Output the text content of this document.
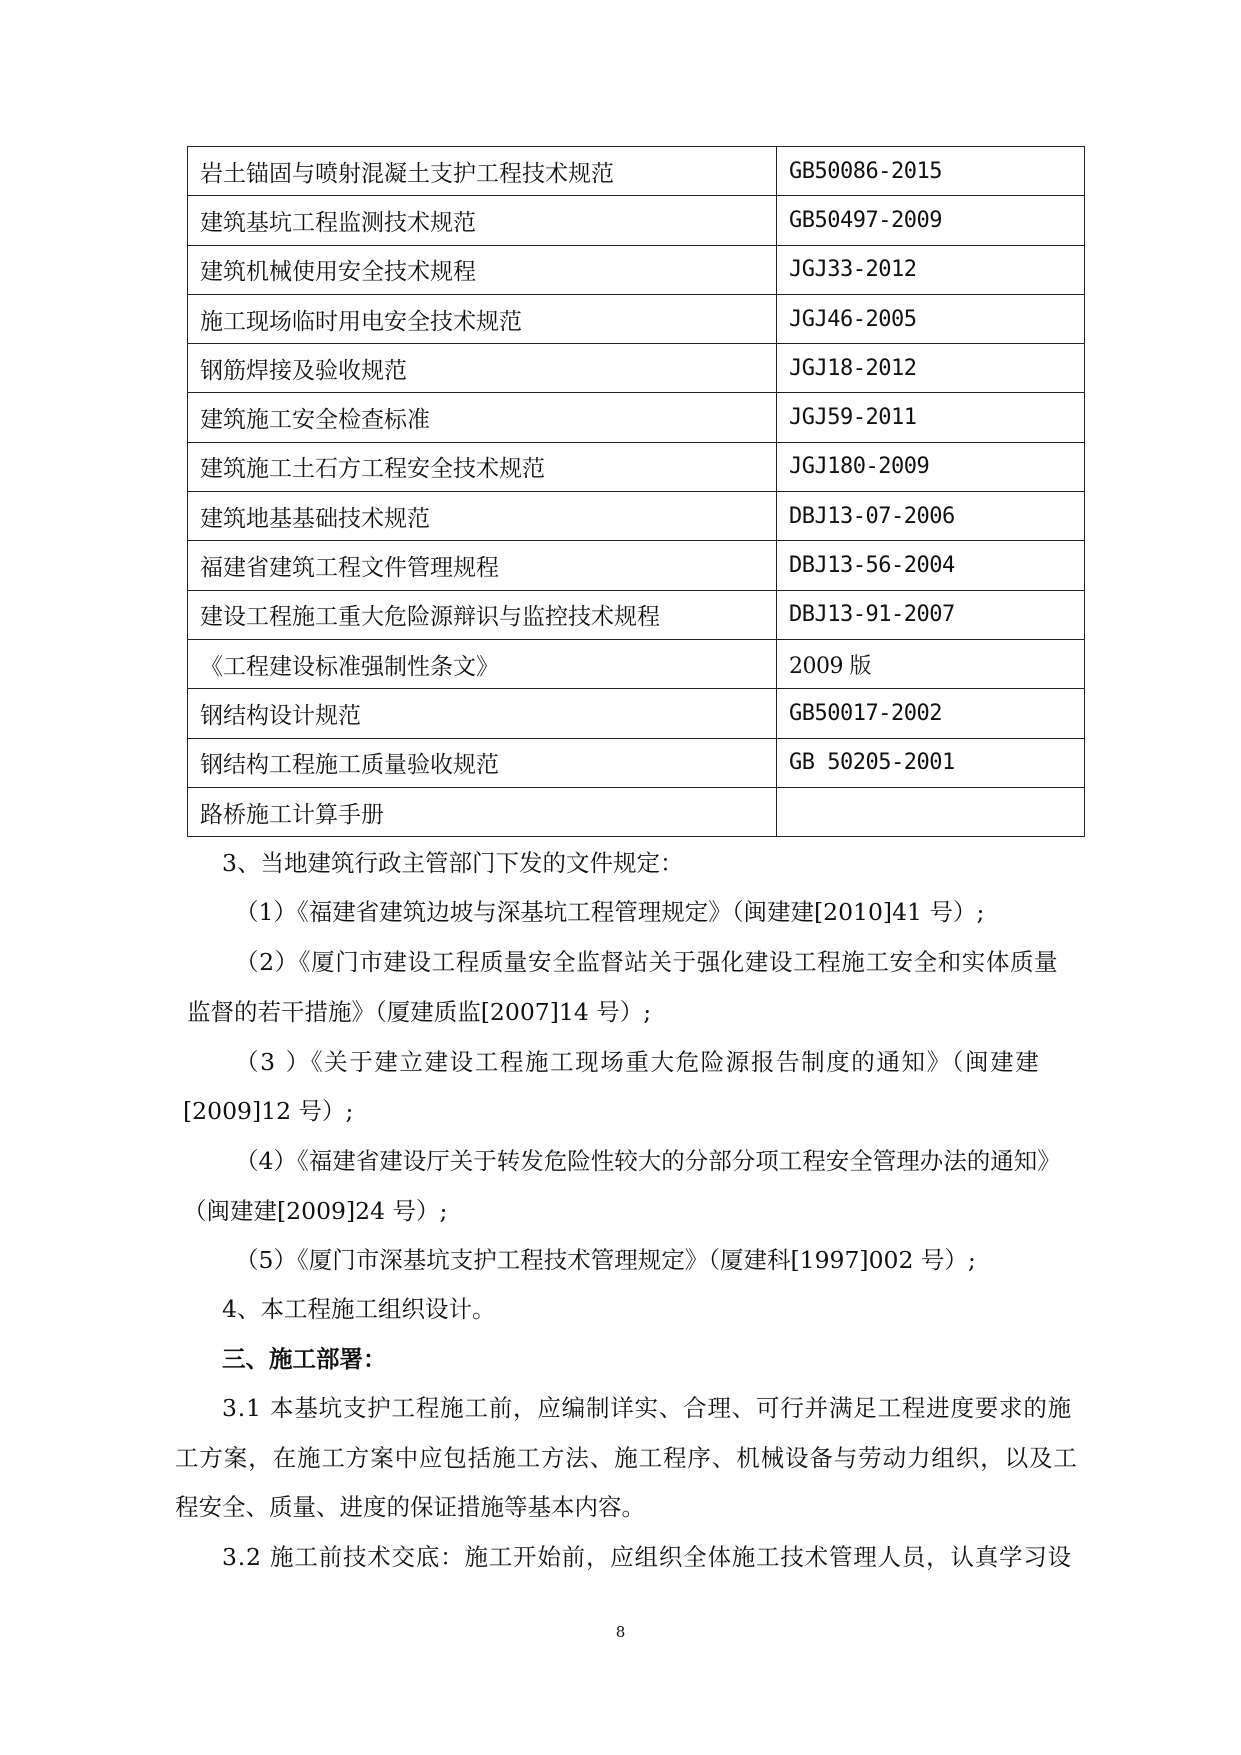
岩土锚固与喷射混凝土支护工程技术规范	GB50086-2015
建筑基坑工程监测技术规范	GB50497-2009
建筑机械使用安全技术规程	JGJ33-2012
施工现场临时用电安全技术规范	JGJ46-2005
钢筋焊接及验收规范	JGJ18-2012
建筑施工安全检查标准	JGJ59-2011
建筑施工土石方工程安全技术规范	JGJ180-2009
建筑地基基础技术规范	DBJ13-07-2006
福建省建筑工程文件管理规程	DBJ13-56-2004
建设工程施工重大危险源辩识与监控技术规程	DBJ13-91-2007
《工程建设标准强制性条文》	2009 版
钢结构设计规范	GB50017-2002
钢结构工程施工质量验收规范	GB 50205-2001
路桥施工计算手册	
3、当地建筑行政主管部门下发的文件规定：
（1）《福建省建筑边坡与深基坑工程管理规定》（闽建建[2010]41 号）;
（2）《厦门市建设工程质量安全监督站关于强化建设工程施工安全和实体质量
监督的若干措施》（厦建质监[2007]14 号）;
（3 ）《关于建立建设工程施工现场重大危险源报告制度的通知》（闽建建
[2009]12 号）;
（4）《福建省建设厅关于转发危险性较大的分部分项工程安全管理办法的通知》
（闽建建[2009]24 号）;
（5）《厦门市深基坑支护工程技术管理规定》（厦建科[1997]002 号）;
4、本工程施工组织设计。
三、施工部署：
3.1 本基坑支护工程施工前，应编制详实、合理、可行并满足工程进度要求的施
工方案，在施工方案中应包括施工方法、施工程序、机械设备与劳动力组织，以及工
程安全、质量、进度的保证措施等基本内容。
3.2 施工前技术交底：施工开始前，应组织全体施工技术管理人员，认真学习设
8
